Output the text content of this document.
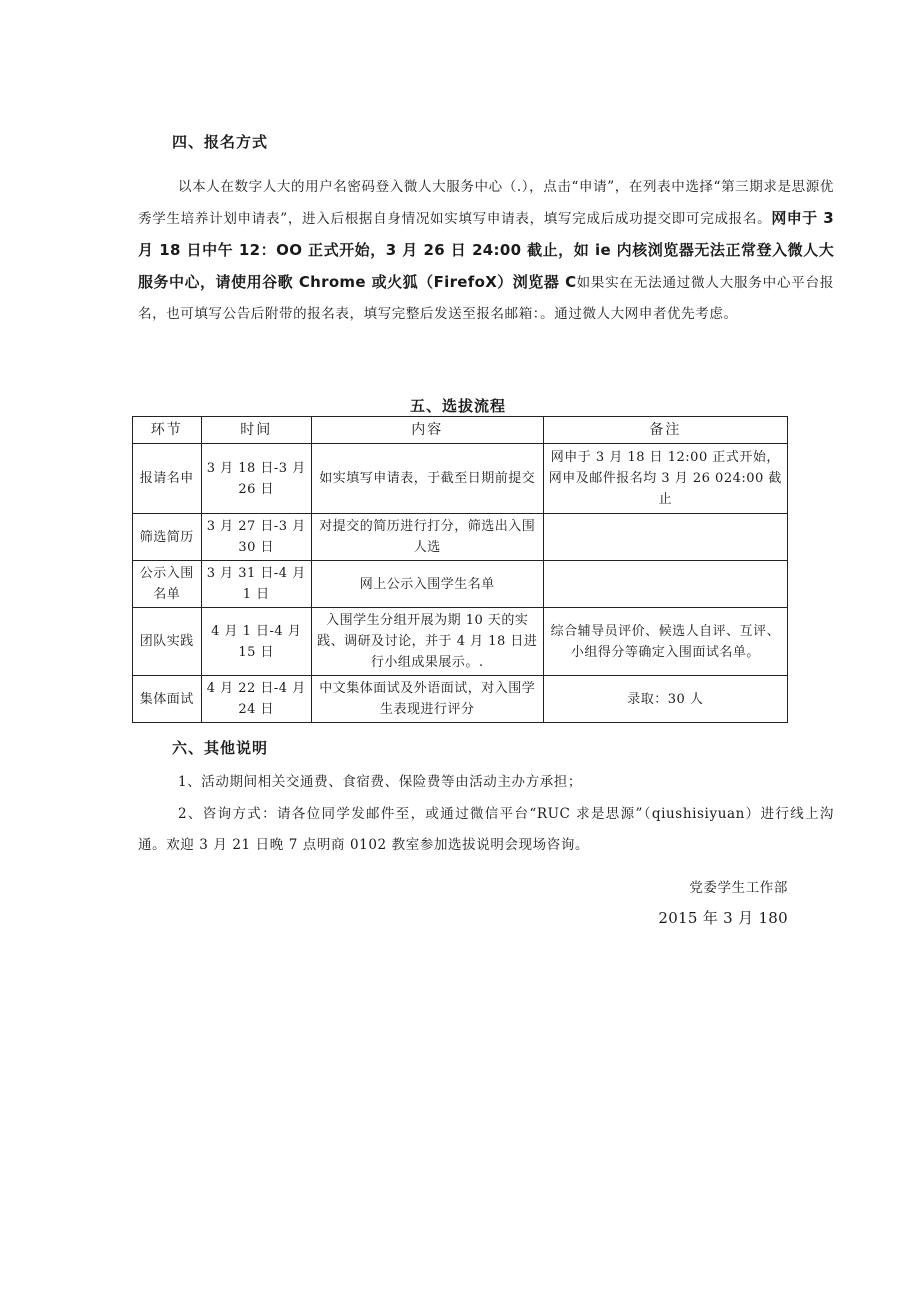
四、报名方式
以本人在数字人大的用户名密码登入微人大服务中心（.），点击“申请”，在列表中选择“第三期求是思源优秀学生培养计划申请表”，进入后根据自身情况如实填写申请表，填写完成后成功提交即可完成报名。网申于 3 月 18 日中午 12：OO 正式开始，3 月 26 日 24:00 截止，如 ie 内核浏览器无法正常登入微人大服务中心，请使用谷歌 Chrome 或火狐（FirefoX）浏览器 C如果实在无法通过微人大服务中心平台报名，也可填写公告后附带的报名表，填写完整后发送至报名邮箱：。通过微人大网申者优先考虑。
五、选拔流程
环节	时间	内容	备注
报请名申	3 月 18 日-3 月 26 日	如实填写申请表，于截至日期前提交	网申于 3 月 18 日 12:00 正式开始，网申及邮件报名均 3 月 26 024:00 截止
筛选简历	3 月 27 日-3 月 30 日	对提交的简历进行打分，筛选出入围人选	
公示入围名单	3 月 31 日-4 月 1 日	网上公示入围学生名单	
团队实践	4 月 1 日-4 月 15 日	入围学生分组开展为期 10 天的实践、调研及讨论，并于 4 月 18 日进行小组成果展示。.	综合辅导员评价、候选人自评、互评、小组得分等确定入围面试名单。
集体面试	4 月 22 日-4 月 24 日	中文集体面试及外语面试，对入围学生表现进行评分	录取：30 人
六、其他说明
1、活动期间相关交通费、食宿费、保险费等由活动主办方承担；
2、咨询方式：请各位同学发邮件至，或通过微信平台“RUC 求是思源”（qiushisiyuan）进行线上沟通。欢迎 3 月 21 日晚 7 点明商 0102 教室参加选拔说明会现场咨询。
党委学生工作部
2015 年 3 月 180
